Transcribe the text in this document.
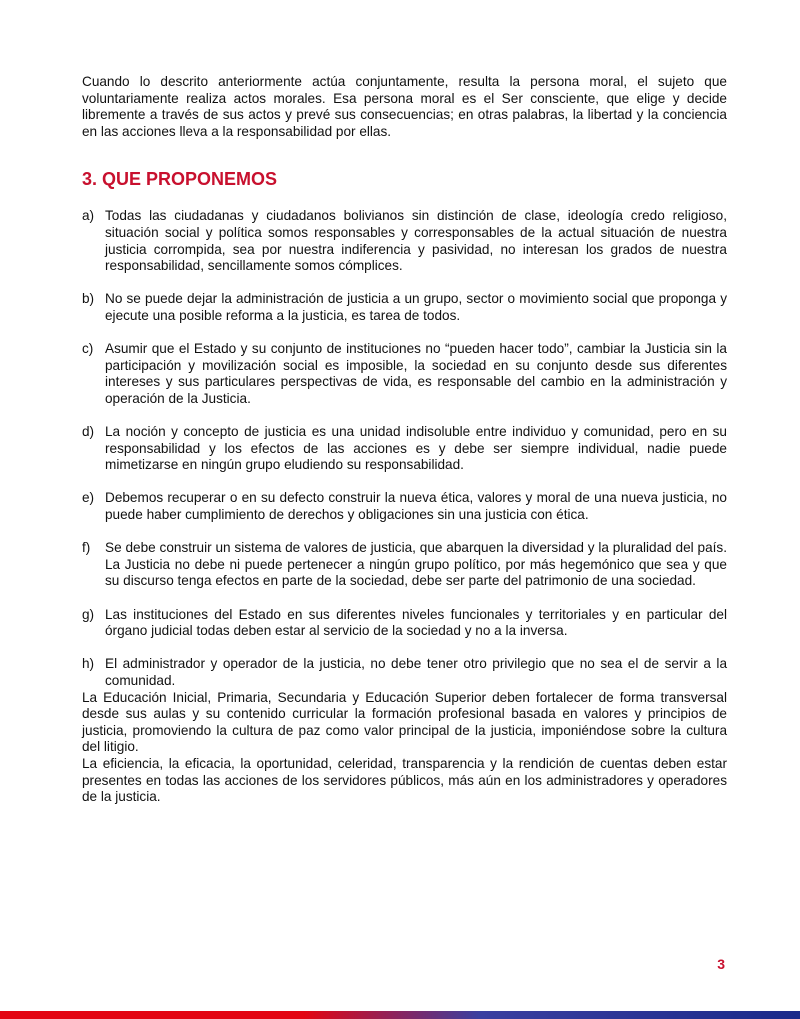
Cuando lo descrito anteriormente actúa conjuntamente, resulta la persona moral, el sujeto que voluntariamente realiza actos morales. Esa persona moral es el Ser consciente, que elige y decide libremente a través de sus actos y prevé sus consecuencias; en otras palabras, la libertad y la conciencia en las acciones lleva a la responsabilidad por ellas.

3. QUE PROPONEMOS
a) Todas las ciudadanas y ciudadanos bolivianos sin distinción de clase, ideología credo religioso, situación social y política somos responsables y corresponsables de la actual situación de nuestra justicia corrompida, sea por nuestra indiferencia y pasividad, no interesan los grados de nuestra responsabilidad, sencillamente somos cómplices.
b) No se puede dejar la administración de justicia a un grupo, sector o movimiento social que proponga y ejecute una posible reforma a la justicia, es tarea de todos.
c) Asumir que el Estado y su conjunto de instituciones no “pueden hacer todo”, cambiar la Justicia sin la participación y movilización social es imposible, la sociedad en su conjunto desde sus diferentes intereses y sus particulares perspectivas de vida, es responsable del cambio en la administración y operación de la Justicia.
d) La noción y concepto de justicia es una unidad indisoluble entre individuo y comunidad, pero en su responsabilidad y los efectos de las acciones es y debe ser siempre individual, nadie puede mimetizarse en ningún grupo eludiendo su responsabilidad.
e) Debemos recuperar o en su defecto construir la nueva ética, valores y moral de una nueva justicia, no puede haber cumplimiento de derechos y obligaciones sin una justicia con ética.
f) Se debe construir un sistema de valores de justicia, que abarquen la diversidad y la pluralidad del país. La Justicia no debe ni puede pertenecer a ningún grupo político, por más hegemónico que sea y que su discurso tenga efectos en parte de la sociedad, debe ser parte del patrimonio de una sociedad.
g) Las instituciones del Estado en sus diferentes niveles funcionales y territoriales y en particular del órgano judicial todas deben estar al servicio de la sociedad y no a la inversa.
h) El administrador y operador de la justicia, no debe tener otro privilegio que no sea el de servir a la comunidad.

La Educación Inicial, Primaria, Secundaria y Educación Superior deben fortalecer de forma transversal desde sus aulas y su contenido curricular la formación profesional basada en valores y principios de justicia, promoviendo la cultura de paz como valor principal de la justicia, imponiéndose sobre la cultura del litigio.

La eficiencia, la eficacia, la oportunidad, celeridad, transparencia y la rendición de cuentas deben estar presentes en todas las acciones de los servidores públicos, más aún en los administradores y operadores de la justicia.

3
